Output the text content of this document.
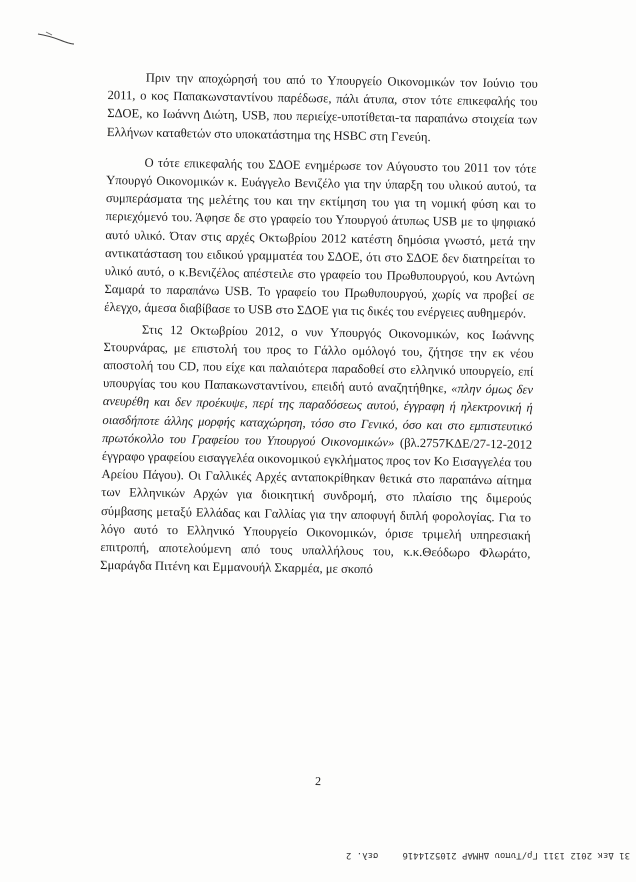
Πριν την αποχώρησή του από το Υπουργείο Οικονομικών τον Ιούνιο του 2011, ο κος Παπακωνσταντίνου παρέδωσε, πάλι άτυπα, στον τότε επικεφαλής του ΣΔΟΕ, κο Ιωάννη Διώτη, USB, που περιείχε-υποτίθεται-τα παραπάνω στοιχεία των Ελλήνων καταθετών στο υποκατάστημα της HSBC στη Γενεύη.

Ο τότε επικεφαλής του ΣΔΟΕ ενημέρωσε τον Αύγουστο του 2011 τον τότε Υπουργό Οικονομικών κ. Ευάγγελο Βενιζέλο για την ύπαρξη του υλικού αυτού, τα συμπεράσματα της μελέτης του και την εκτίμηση του για τη νομική φύση και το περιεχόμενό του. Άφησε δε στο γραφείο του Υπουργού άτυπως USB με το ψηφιακό αυτό υλικό. Όταν στις αρχές Οκτωβρίου 2012 κατέστη δημόσια γνωστό, μετά την αντικατάσταση του ειδικού γραμματέα του ΣΔΟΕ, ότι στο ΣΔΟΕ δεν διατηρείται το υλικό αυτό, ο κ.Βενιζέλος απέστειλε στο γραφείο του Πρωθυπουργού, κου Αντώνη Σαμαρά το παραπάνω USB. Το γραφείο του Πρωθυπουργού, χωρίς να προβεί σε έλεγχο, άμεσα διαβίβασε το USB στο ΣΔΟΕ για τις δικές του ενέργειες αυθημερόν.

Στις 12 Οκτωβρίου 2012, ο νυν Υπουργός Οικονομικών, κος Ιωάννης Στουρνάρας, με επιστολή του προς το Γάλλο ομόλογό του, ζήτησε την εκ νέου αποστολή του CD, που είχε και παλαιότερα παραδοθεί στο ελληνικό υπουργείο, επί υπουργίας του κου Παπακωνσταντίνου, επειδή αυτό αναζητήθηκε, «πλην όμως δεν ανευρέθη και δεν προέκυψε, περί της παραδόσεως αυτού, έγγραφη ή ηλεκτρονική ή οιασδήποτε άλλης μορφής καταχώρηση, τόσο στο Γενικό, όσο και στο εμπιστευτικό πρωτόκολλο του Γραφείου του Υπουργού Οικονομικών» (βλ.2757ΚΔΕ/27-12-2012 έγγραφο γραφείου εισαγγελέα οικονομικού εγκλήματος προς τον Κο Εισαγγελέα του Αρείου Πάγου). Οι Γαλλικές Αρχές ανταποκρίθηκαν θετικά στο παραπάνω αίτημα των Ελληνικών Αρχών για διοικητική συνδρομή, στο πλαίσιο της διμερούς σύμβασης μεταξύ Ελλάδας και Γαλλίας για την αποφυγή διπλή φορολογίας. Για το λόγο αυτό το Ελληνικό Υπουργείο Οικονομικών, όρισε τριμελή υπηρεσιακή επιτροπή, αποτελούμενη από τους υπαλλήλους του, κ.κ.Θεόδωρο Φλωράτο, Σμαράγδα Πιτένη και Εμμανουήλ Σκαρμέα, με σκοπό

2
31 Δεκ 2012 1311 Γρ/Τυπου ΔΗΜΑΡ 2105214416σελ. 2
